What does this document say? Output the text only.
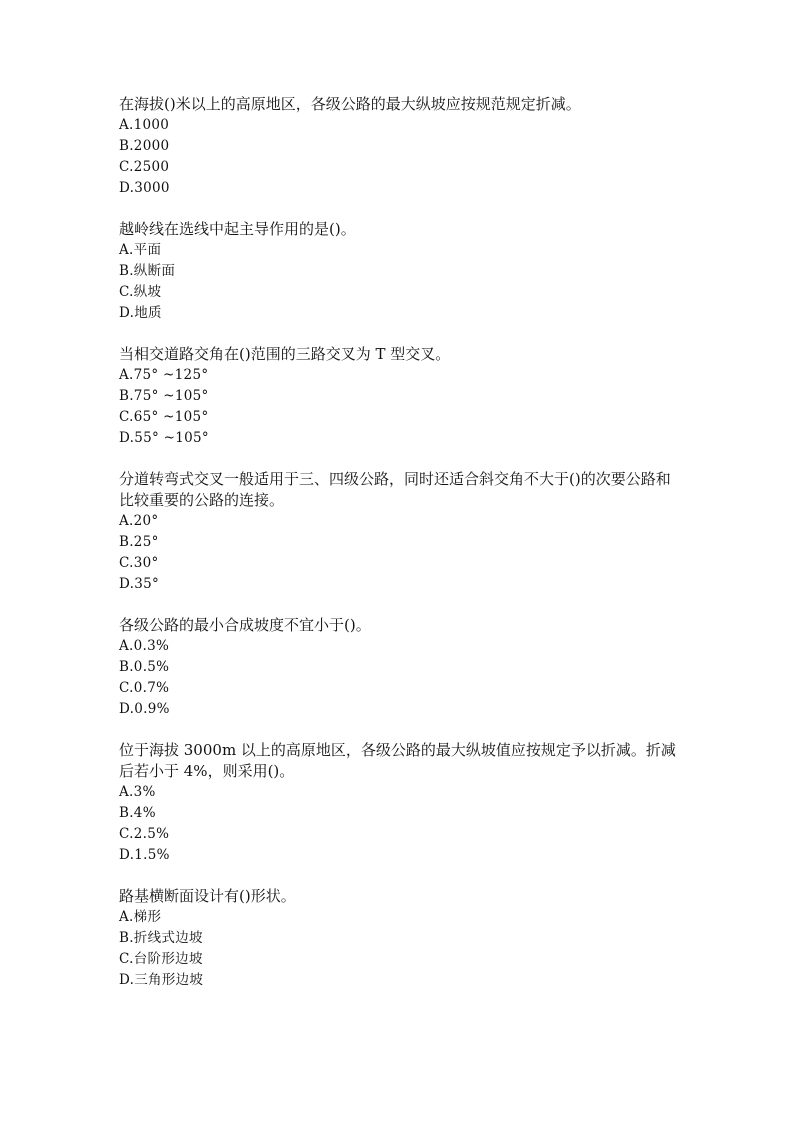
在海拔()米以上的高原地区，各级公路的最大纵坡应按规范规定折减。

A.1000

B.2000

C.2500

D.3000

越岭线在选线中起主导作用的是()。

A.平面

B.纵断面

C.纵坡

D.地质

当相交道路交角在()范围的三路交叉为 T 型交叉。

A.75° ~125°

B.75° ~105°

C.65° ~105°

D.55° ~105°

分道转弯式交叉一般适用于三、四级公路，同时还适合斜交角不大于()的次要公路和比较重要的公路的连接。

A.20°

B.25°

C.30°

D.35°

各级公路的最小合成坡度不宜小于()。

A.0.3%

B.0.5%

C.0.7%

D.0.9%

位于海拔 3000m 以上的高原地区，各级公路的最大纵坡值应按规定予以折减。折减后若小于 4%，则采用()。

A.3%

B.4%

C.2.5%

D.1.5%

路基横断面设计有()形状。

A.梯形

B.折线式边坡

C.台阶形边坡

D.三角形边坡
